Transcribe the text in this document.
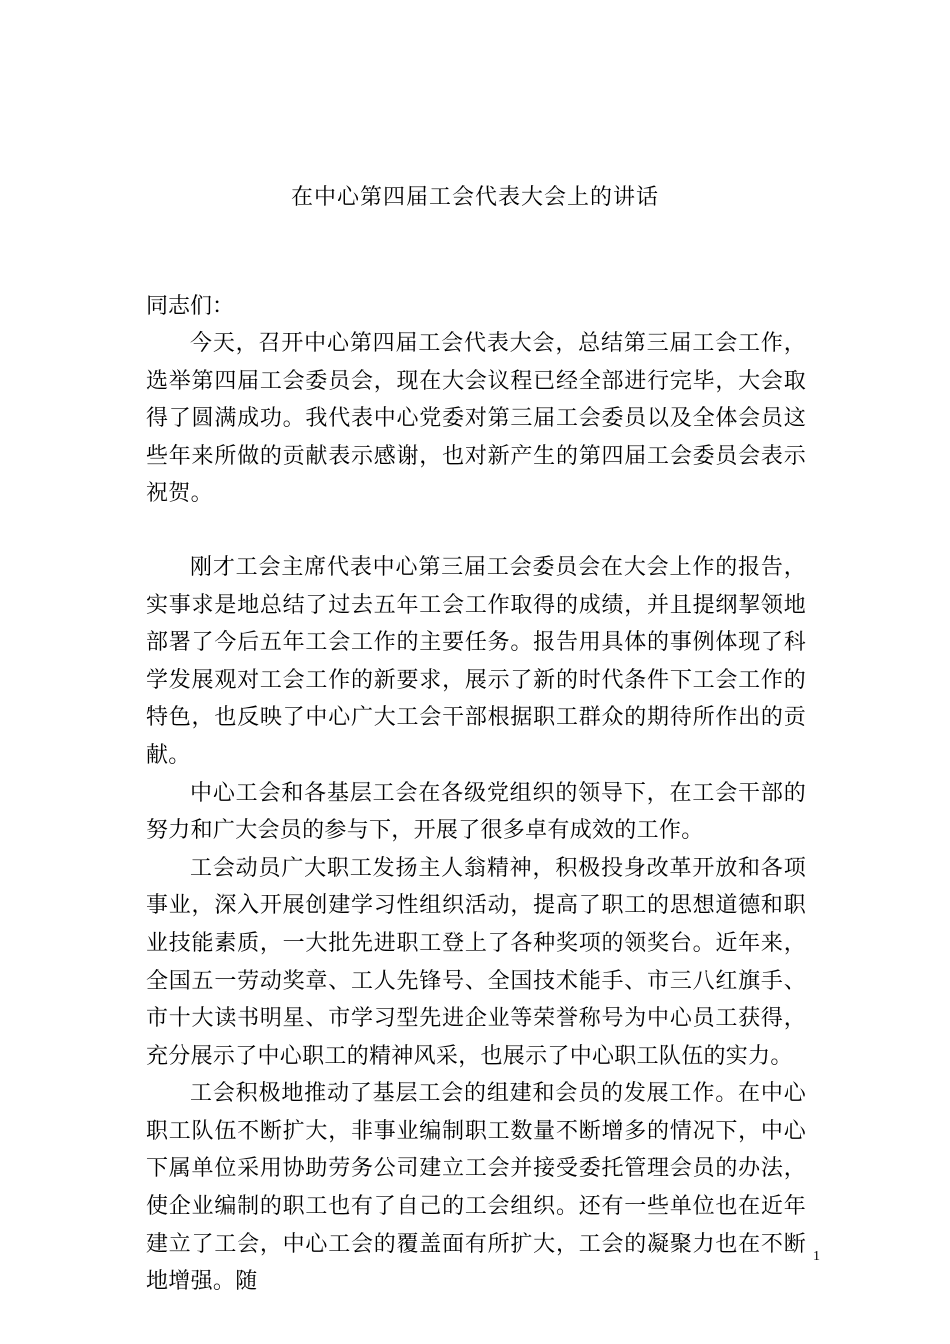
在中心第四届工会代表大会上的讲话

同志们：

今天，召开中心第四届工会代表大会，总结第三届工会工作，选举第四届工会委员会，现在大会议程已经全部进行完毕，大会取得了圆满成功。我代表中心党委对第三届工会委员以及全体会员这些年来所做的贡献表示感谢，也对新产生的第四届工会委员会表示祝贺。

刚才工会主席代表中心第三届工会委员会在大会上作的报告，实事求是地总结了过去五年工会工作取得的成绩，并且提纲挈领地部署了今后五年工会工作的主要任务。报告用具体的事例体现了科学发展观对工会工作的新要求，展示了新的时代条件下工会工作的特色，也反映了中心广大工会干部根据职工群众的期待所作出的贡献。

中心工会和各基层工会在各级党组织的领导下，在工会干部的努力和广大会员的参与下，开展了很多卓有成效的工作。

工会动员广大职工发扬主人翁精神，积极投身改革开放和各项事业，深入开展创建学习性组织活动，提高了职工的思想道德和职业技能素质，一大批先进职工登上了各种奖项的领奖台。近年来，全国五一劳动奖章、工人先锋号、全国技术能手、市三八红旗手、市十大读书明星、市学习型先进企业等荣誉称号为中心员工获得，充分展示了中心职工的精神风采，也展示了中心职工队伍的实力。

工会积极地推动了基层工会的组建和会员的发展工作。在中心职工队伍不断扩大，非事业编制职工数量不断增多的情况下，中心下属单位采用协助劳务公司建立工会并接受委托管理会员的办法，使企业编制的职工也有了自己的工会组织。还有一些单位也在近年建立了工会，中心工会的覆盖面有所扩大，工会的凝聚力也在不断地增强。随

1
